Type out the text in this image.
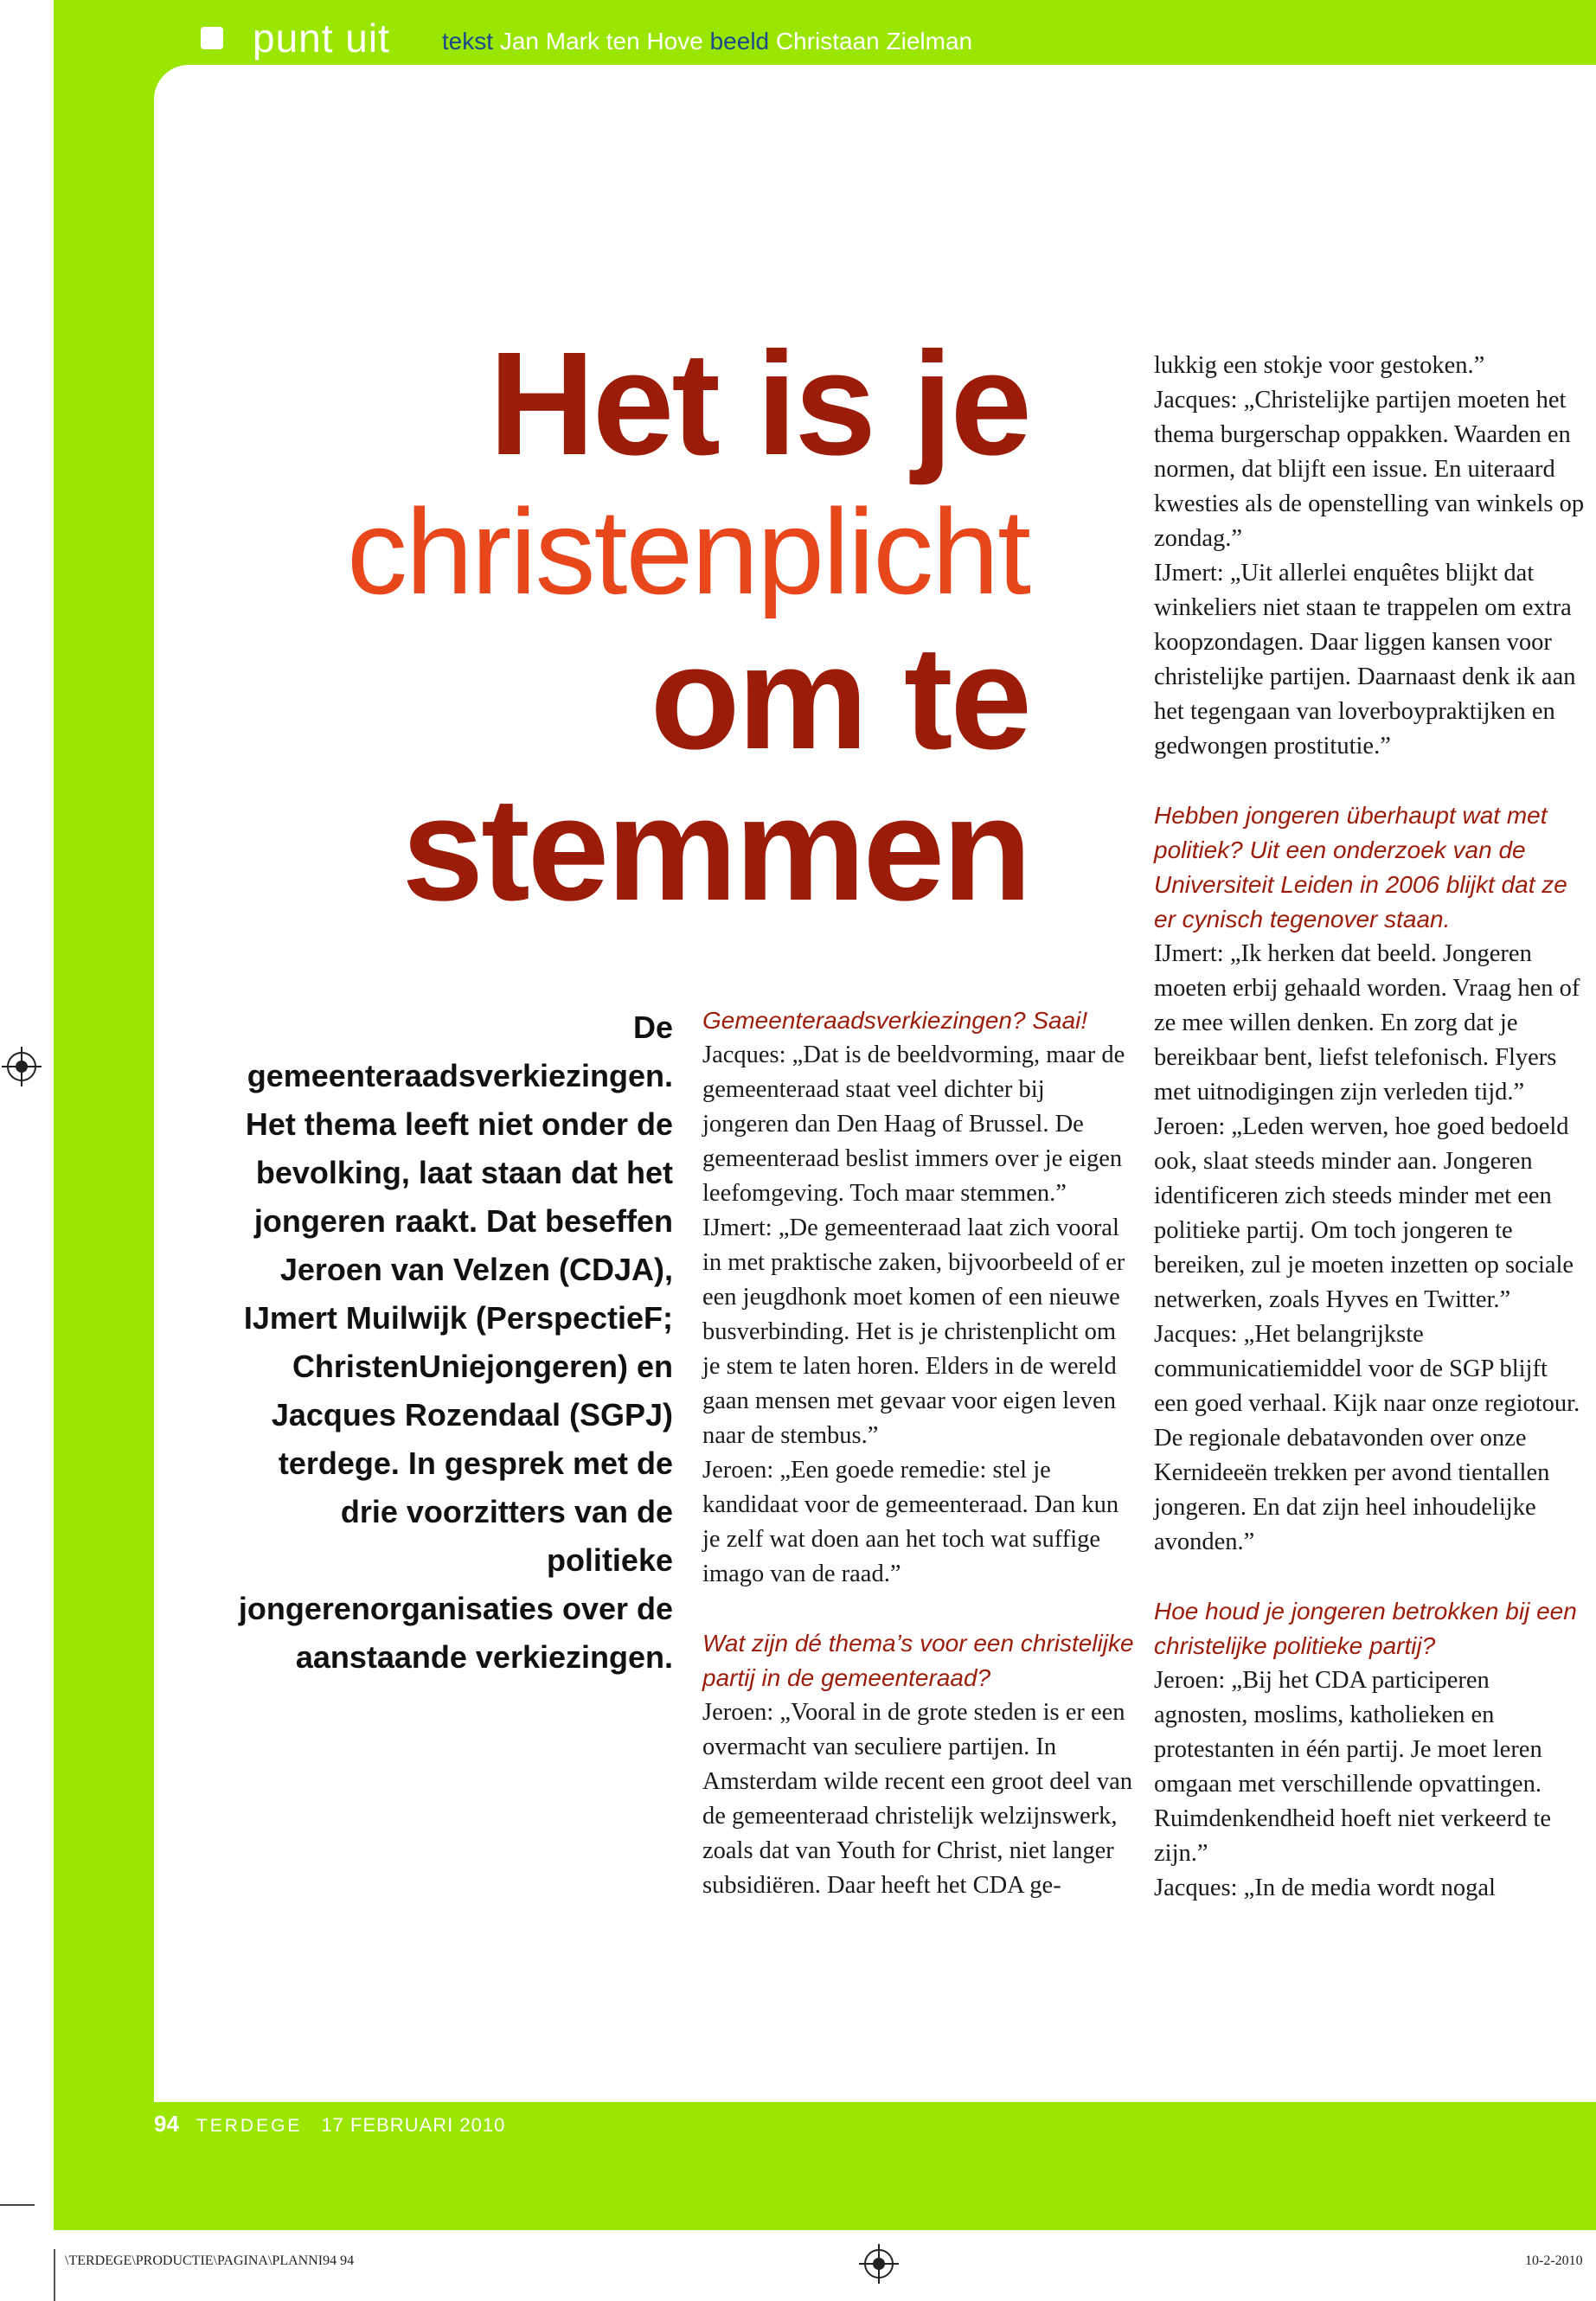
punt uit tekst Jan Mark ten Hove beeld Christaan Zielman
Het is je
christenplicht
om te
stemmen
De gemeenteraadsverkiezingen. Het thema leeft niet onder de bevolking, laat staan dat het jongeren raakt. Dat beseffen Jeroen van Velzen (CDJA), IJmert Muilwijk (PerspectieF; ChristenUniejongeren) en Jacques Rozendaal (SGPJ) terdege. In gesprek met de drie voorzitters van de politieke jongerenorganisaties over de aanstaande verkiezingen.

Gemeenteraadsverkiezingen? Saai!

Jacques: „Dat is de beeldvorming, maar de gemeenteraad staat veel dichter bij jongeren dan Den Haag of Brussel. De gemeenteraad beslist immers over je eigen leefomgeving. Toch maar stemmen.”

IJmert: „De gemeenteraad laat zich vooral in met praktische zaken, bijvoorbeeld of er een jeugdhonk moet komen of een nieuwe busverbinding. Het is je christenplicht om je stem te laten horen. Elders in de wereld gaan mensen met gevaar voor eigen leven naar de stembus.”

Jeroen: „Een goede remedie: stel je kandidaat voor de gemeenteraad. Dan kun je zelf wat doen aan het toch wat suffige imago van de raad.”

Wat zijn dé thema’s voor een christelijke partij in de gemeenteraad?

Jeroen: „Vooral in de grote steden is er een overmacht van seculiere partijen. In Amsterdam wilde recent een groot deel van de gemeenteraad christelijk welzijnswerk, zoals dat van Youth for Christ, niet langer subsidiëren. Daar heeft het CDA ge-

lukkig een stokje voor gestoken.”

Jacques: „Christelijke partijen moeten het thema burgerschap oppakken. Waarden en normen, dat blijft een issue. En uiteraard kwesties als de openstelling van winkels op zondag.”

IJmert: „Uit allerlei enquêtes blijkt dat winkeliers niet staan te trappelen om extra koopzondagen. Daar liggen kansen voor christelijke partijen. Daarnaast denk ik aan het tegengaan van loverboypraktijken en gedwongen prostitutie.”

Hebben jongeren überhaupt wat met politiek? Uit een onderzoek van de Universiteit Leiden in 2006 blijkt dat ze er cynisch tegenover staan.

IJmert: „Ik herken dat beeld. Jongeren moeten erbij gehaald worden. Vraag hen of ze mee willen denken. En zorg dat je bereikbaar bent, liefst telefonisch. Flyers met uitnodigingen zijn verleden tijd.”

Jeroen: „Leden werven, hoe goed bedoeld ook, slaat steeds minder aan. Jongeren identificeren zich steeds minder met een politieke partij. Om toch jongeren te bereiken, zul je moeten inzetten op sociale netwerken, zoals Hyves en Twitter.”

Jacques: „Het belangrijkste communicatiemiddel voor de SGP blijft een goed verhaal. Kijk naar onze regiotour. De regionale debatavonden over onze Kernideeën trekken per avond tientallen jongeren. En dat zijn heel inhoudelijke avonden.”

Hoe houd je jongeren betrokken bij een christelijke politieke partij?

Jeroen: „Bij het CDA participeren agnosten, moslims, katholieken en protestanten in één partij. Je moet leren omgaan met verschillende opvattingen. Ruimdenkendheid hoeft niet verkeerd te zijn.”

Jacques: „In de media wordt nogal

94 TERDEGE 17 FEBRUARI 2010
\TERDEGE\PRODUCTIE\PAGINA\PLANNI94 94	10-2-2010
